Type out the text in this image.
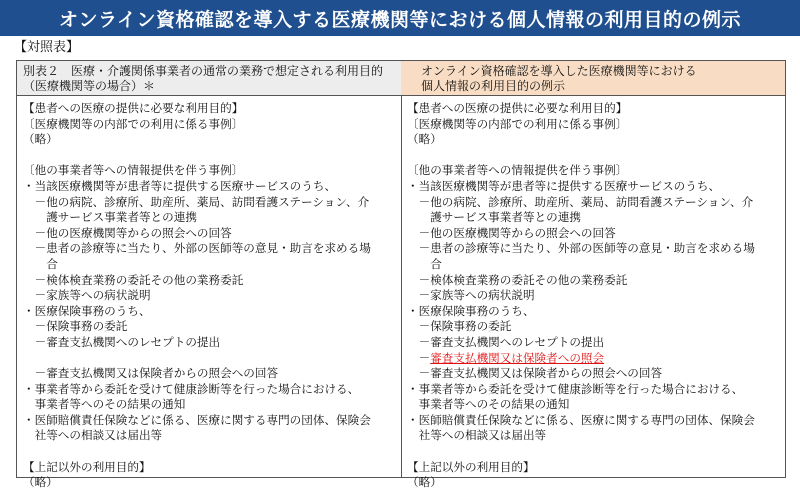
オンライン資格確認を導入する医療機関等における個人情報の利用目的の例示
【対照表】
別表２　医療・介護関係事業者の通常の業務で想定される利用目的
（医療機関等の場合）＊
【患者への医療の提供に必要な利用目的】
〔医療機関等の内部での利用に係る事例〕
（略）
〔他の事業者等への情報提供を伴う事例〕
・当該医療機関等が患者等に提供する医療サービスのうち、
　－他の病院、診療所、助産所、薬局、訪問看護ステーション、介
　　護サービス事業者等との連携
　－他の医療機関等からの照会への回答
　－患者の診療等に当たり、外部の医師等の意見・助言を求める場
　　合
　－検体検査業務の委託その他の業務委託
　－家族等への病状説明
・医療保険事務のうち、
　－保険事務の委託
　－審査支払機関へのレセプトの提出
　－審査支払機関又は保険者からの照会への回答
・事業者等から委託を受けて健康診断等を行った場合における、
　事業者等へのその結果の通知
・医師賠償責任保険などに係る、医療に関する専門の団体、保険会
　社等への相談又は届出等
【上記以外の利用目的】
（略）
オンライン資格確認を導入した医療機関等における
個人情報の利用目的の例示
【患者への医療の提供に必要な利用目的】
〔医療機関等の内部での利用に係る事例〕
（略）
〔他の事業者等への情報提供を伴う事例〕
・当該医療機関等が患者等に提供する医療サービスのうち、
　－他の病院、診療所、助産所、薬局、訪問看護ステーション、介
　　護サービス事業者等との連携
　－他の医療機関等からの照会への回答
　－患者の診療等に当たり、外部の医師等の意見・助言を求める場
　　合
　－検体検査業務の委託その他の業務委託
　－家族等への病状説明
・医療保険事務のうち、
　－保険事務の委託
　－審査支払機関へのレセプトの提出
　－審査支払機関又は保険者への照会
　－審査支払機関又は保険者からの照会への回答
・事業者等から委託を受けて健康診断等を行った場合における、
　事業者等へのその結果の通知
・医師賠償責任保険などに係る、医療に関する専門の団体、保険会
　社等への相談又は届出等
【上記以外の利用目的】
（略）
